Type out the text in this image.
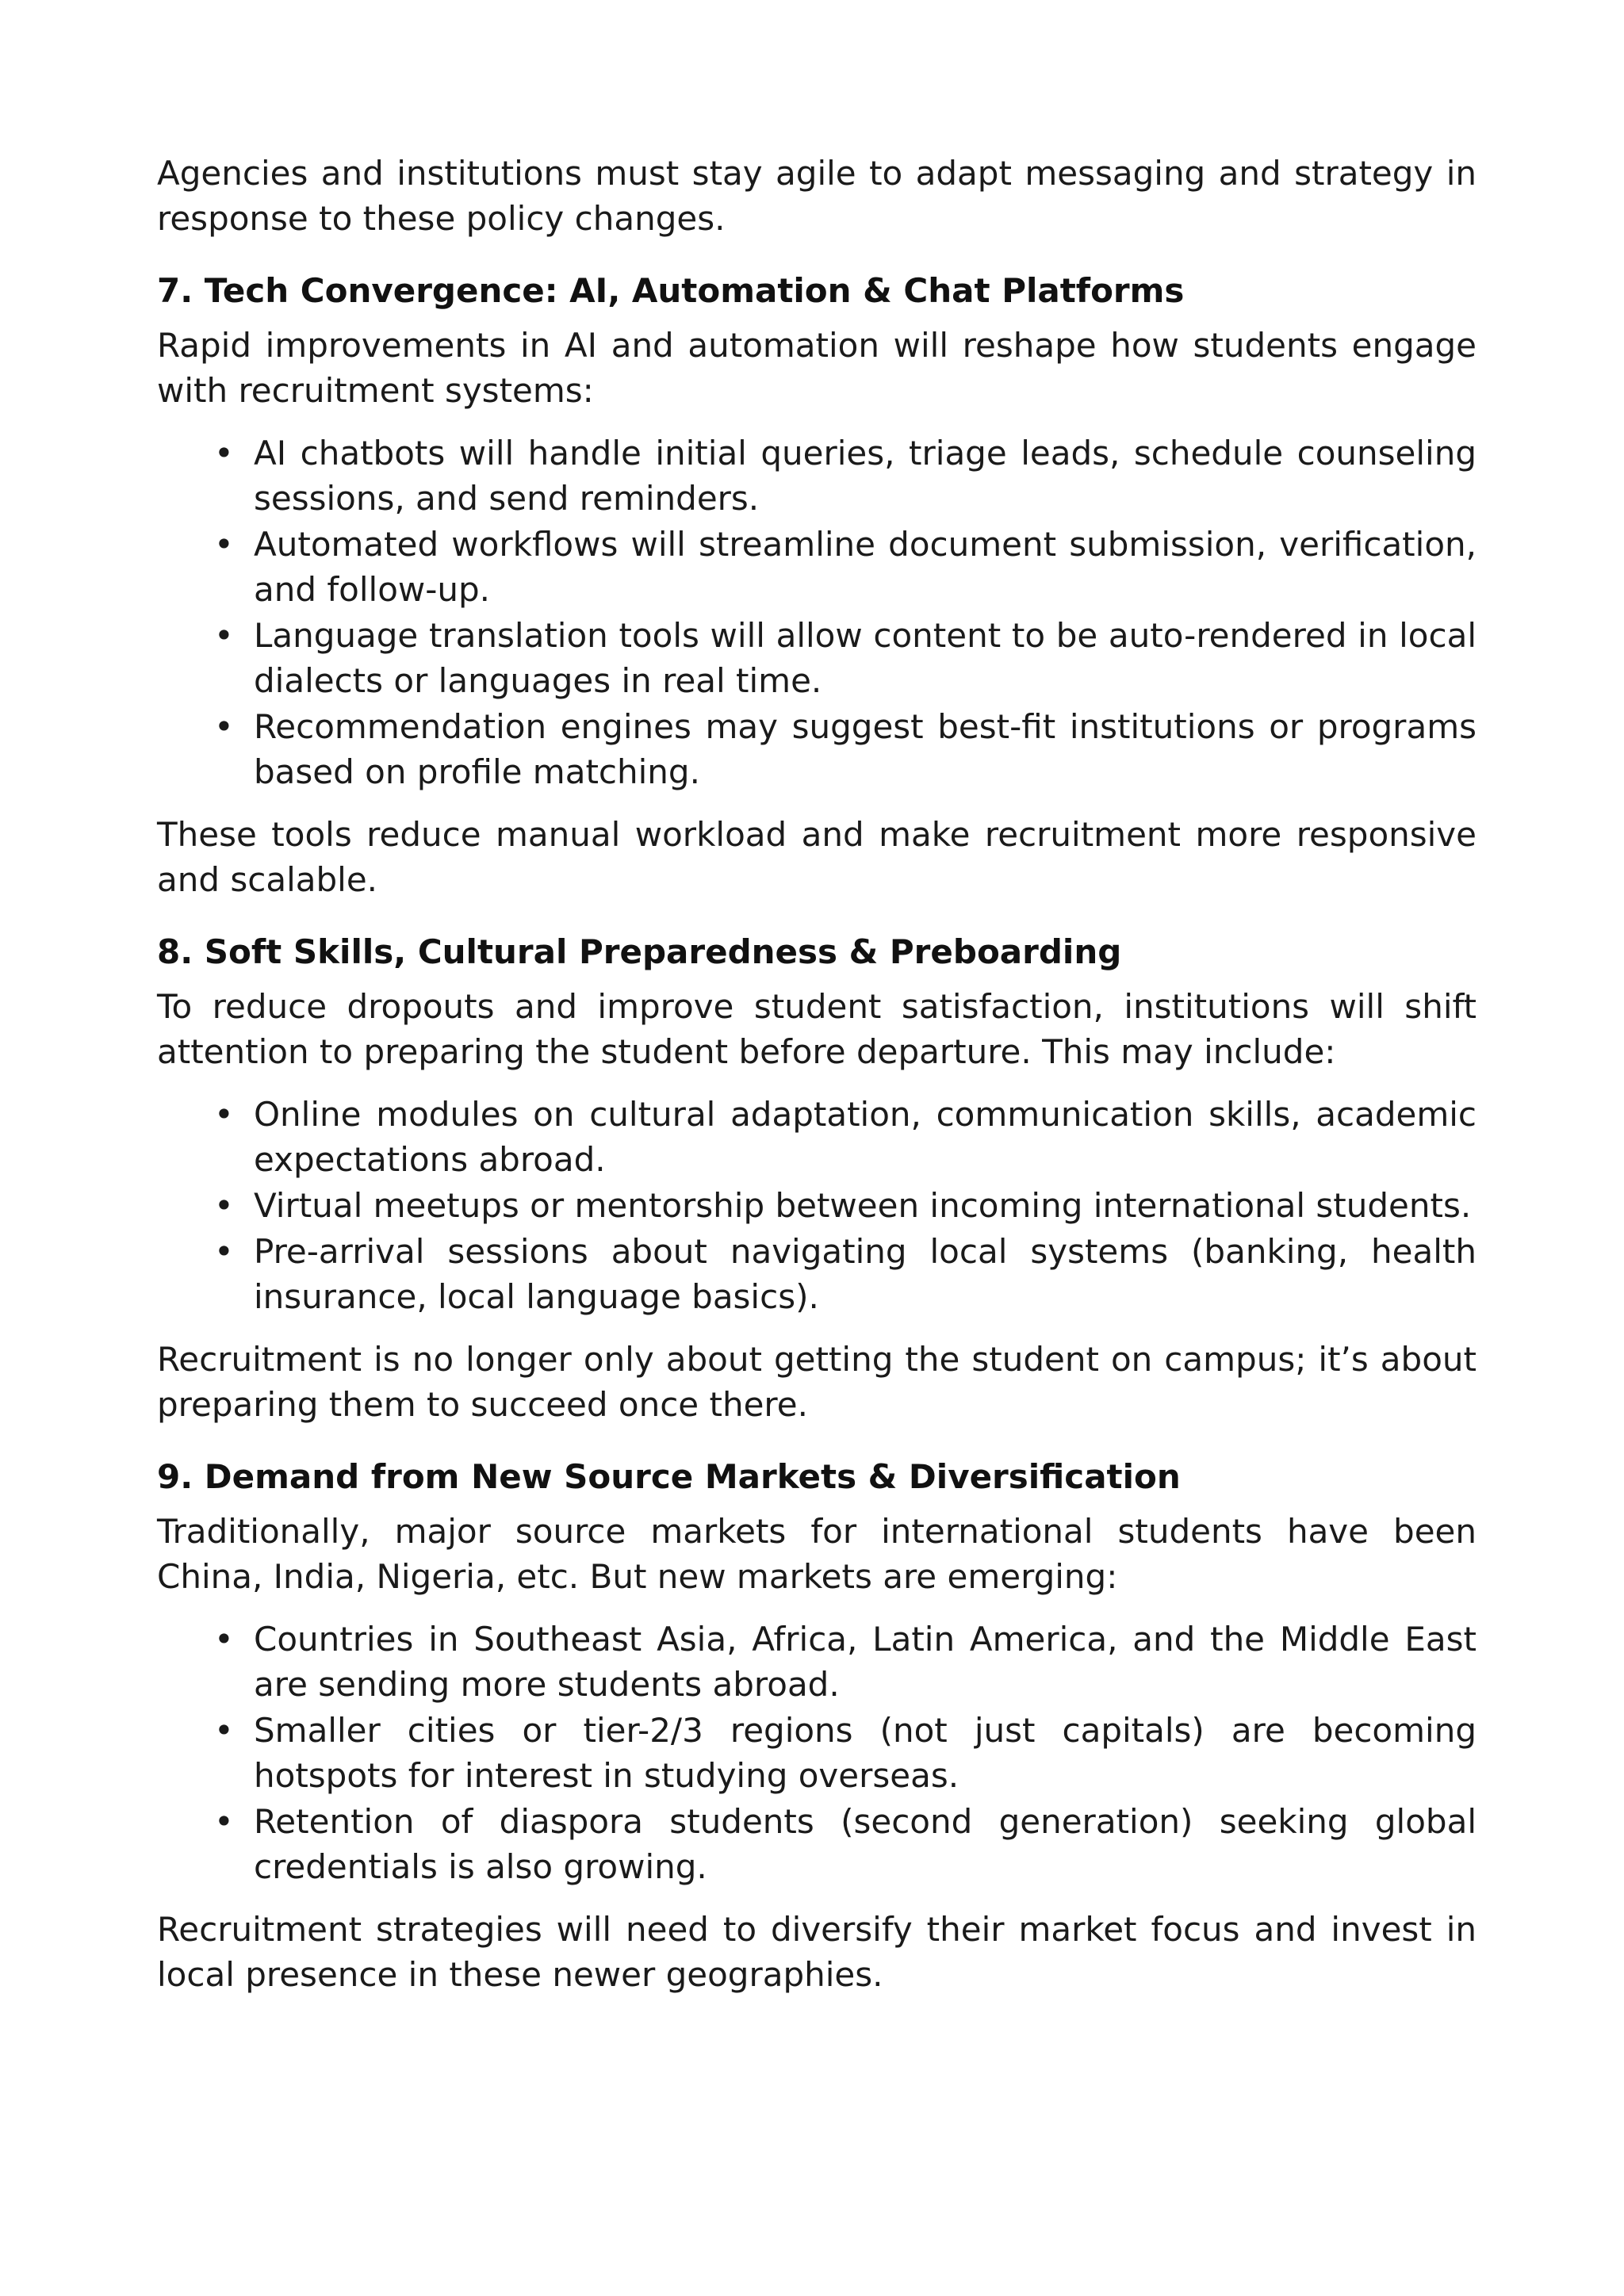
Agencies and institutions must stay agile to adapt messaging and strategy in response to these policy changes.

7. Tech Convergence: AI, Automation & Chat Platforms

Rapid improvements in AI and automation will reshape how students engage with recruitment systems:

• AI chatbots will handle initial queries, triage leads, schedule counseling sessions, and send reminders.
• Automated workflows will streamline document submission, verification, and follow-up.
• Language translation tools will allow content to be auto-rendered in local dialects or languages in real time.
• Recommendation engines may suggest best-fit institutions or programs based on profile matching.

These tools reduce manual workload and make recruitment more responsive and scalable.

8. Soft Skills, Cultural Preparedness & Preboarding

To reduce dropouts and improve student satisfaction, institutions will shift attention to preparing the student before departure. This may include:

• Online modules on cultural adaptation, communication skills, academic expectations abroad.
• Virtual meetups or mentorship between incoming international students.
• Pre-arrival sessions about navigating local systems (banking, health insurance, local language basics).

Recruitment is no longer only about getting the student on campus; it’s about preparing them to succeed once there.

9. Demand from New Source Markets & Diversification

Traditionally, major source markets for international students have been China, India, Nigeria, etc. But new markets are emerging:

• Countries in Southeast Asia, Africa, Latin America, and the Middle East are sending more students abroad.
• Smaller cities or tier-2/3 regions (not just capitals) are becoming hotspots for interest in studying overseas.
• Retention of diaspora students (second generation) seeking global credentials is also growing.

Recruitment strategies will need to diversify their market focus and invest in local presence in these newer geographies.
